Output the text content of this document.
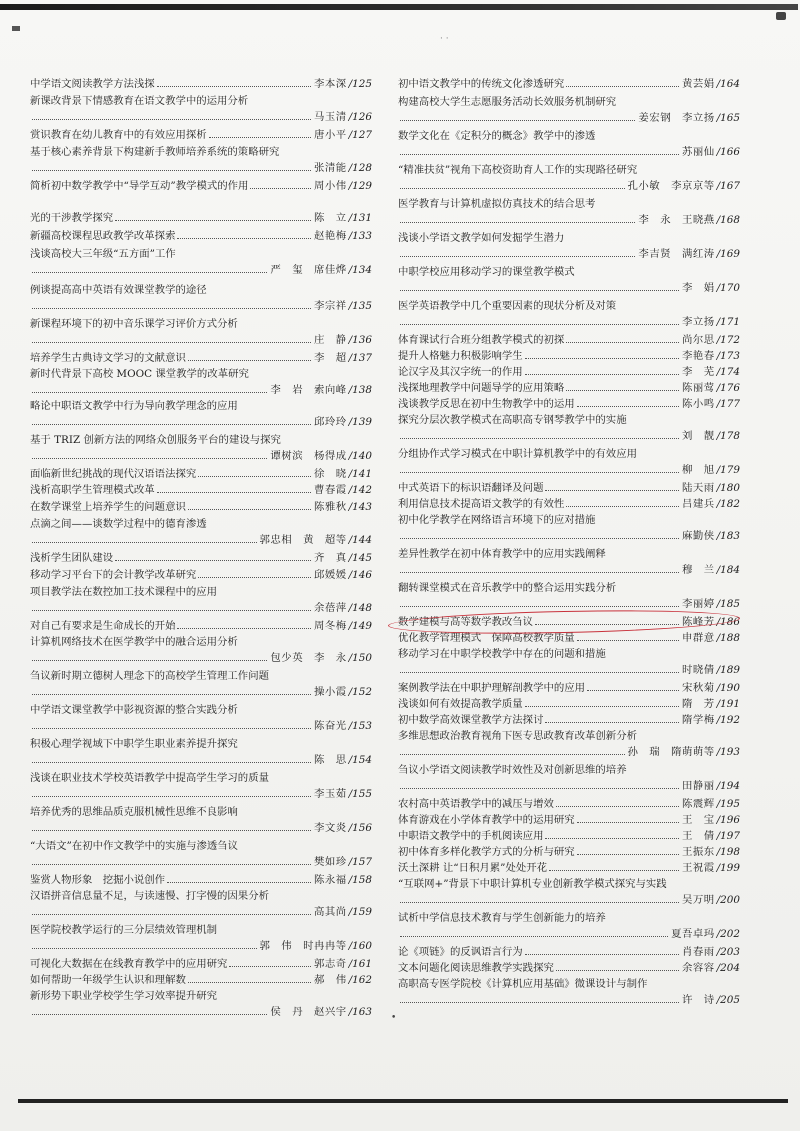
· ·
•
中学语文阅读教学方法浅探	李本深 /125
新课改背景下情感教育在语文教学中的运用分析
马玉清 /126
赏识教育在幼儿教育中的有效应用探析	唐小平 /127
基于核心素养背景下构建新手教师培养系统的策略研究
张清能 /128
简析初中数学教学中“导学互动”教学模式的作用	周小伟 /129
光的干涉教学探究	陈　立 /131
新疆高校课程思政教学改革探索	赵艳梅 /133
浅谈高校大三年级“五方面”工作
严　玺　席佳烨 /134
例谈提高高中英语有效课堂教学的途径
李宗祥 /135
新课程环境下的初中音乐课学习评价方式分析
庄　静 /136
培养学生古典诗文学习的文献意识	李　超 /137
新时代背景下高校 MOOC 课堂教学的改革研究
李　岩　索向峰 /138
略论中职语文教学中行为导向教学理念的应用
邱玲玲 /139
基于 TRIZ 创新方法的网络众创服务平台的建设与探究
谭树滨　杨得成 /140
面临新世纪挑战的现代汉语语法探究	徐　晓 /141
浅析高职学生管理模式改革	曹春霞 /142
在数学课堂上培养学生的问题意识	陈雅秋 /143
点滴之间——谈数学过程中的德育渗透
郭忠相　黄　超等 /144
浅析学生团队建设	齐　真 /145
移动学习平台下的会计教学改革研究	邱媛媛 /146
项目教学法在数控加工技术课程中的应用
余蓓萍 /148
对自己有要求是生命成长的开始	周冬梅 /149
计算机网络技术在医学教学中的融合运用分析
包少英　李　永 /150
刍议新时期立德树人理念下的高校学生管理工作问题
操小霞 /152
中学语文课堂教学中影视资源的整合实践分析
陈奋光 /153
积极心理学视域下中职学生职业素养提升探究
陈　思 /154
浅谈在职业技术学校英语教学中提高学生学习的质量
李玉茹 /155
培养优秀的思维品质克服机械性思维不良影响
李文炎 /156
“大语文”在初中作文教学中的实施与渗透刍议
樊如珍 /157
鉴赏人物形象　挖掘小说创作	陈永福 /158
汉语拼音信息量不足，与读速慢、打字慢的因果分析
高其尚 /159
医学院校教学运行的三分层绩效管理机制
郭　伟　时冉冉等 /160
可视化大数据在在线教育教学中的应用研究	郭志奇 /161
如何帮助一年级学生认识和理解数	郝　伟 /162
新形势下职业学校学生学习效率提升研究
侯　丹　赵兴宇 /163
初中语文教学中的传统文化渗透研究	黄芸娟 /164
构建高校大学生志愿服务活动长效服务机制研究
姜宏钢　李立扬 /165
数学文化在《定积分的概念》教学中的渗透
苏丽仙 /166
“精准扶贫”视角下高校资助育人工作的实现路径研究
孔小敏　李京京等 /167
医学教育与计算机虚拟仿真技术的结合思考
李　永　王晓燕 /168
浅谈小学语文教学如何发掘学生潜力
李吉贤　满红涛 /169
中职学校应用移动学习的课堂教学模式
李　娟 /170
医学英语教学中几个重要因素的现状分析及对策
李立扬 /171
体育课试行合班分组教学模式的初探	尚尔思 /172
提升人格魅力积极影响学生	李艳春 /173
论汉字及其汉字统一的作用	李　芜 /174
浅探地理教学中问题导学的应用策略	陈丽莺 /176
浅谈教学反思在初中生物教学中的运用	陈小鸣 /177
探究分层次教学模式在高职高专钢琴教学中的实施
刘　靓 /178
分组协作式学习模式在中职计算机教学中的有效应用
柳　旭 /179
中式英语下的标识语翻译及问题	陆天雨 /180
利用信息技术提高语文教学的有效性	吕建兵 /182
初中化学教学在网络语言环境下的应对措施
麻勤侠 /183
差异性教学在初中体育教学中的应用实践阐释
穆　兰 /184
翻转课堂模式在音乐教学中的整合运用实践分析
李丽婷 /185
数学建模与高等数学教改刍议	陈峰芳 /186
优化教学管理模式　保障高校教学质量	申群意 /188
移动学习在中职学校教学中存在的问题和措施
时晓倩 /189
案例教学法在中职护理解剖教学中的应用	宋秋菊 /190
浅谈如何有效提高教学质量	隋　芳 /191
初中数学高效课堂教学方法探讨	隋学梅 /192
多维思想政治教育视角下医专思政教育改革创新分析
孙　瑞　隋萌萌等 /193
刍议小学语文阅读教学时效性及对创新思维的培养
田静丽 /194
农村高中英语教学中的减压与增效	陈震辉 /195
体育游戏在小学体育教学中的运用研究	王　宝 /196
中职语文教学中的手机阅读应用	王　倩 /197
初中体育多样化教学方式的分析与研究	王振东 /198
沃土深耕 让“日积月累”处处开花	王祝霞 /199
“互联网+”背景下中职计算机专业创新教学模式探究与实践
吴万明 /200
试析中学信息技术教育与学生创新能力的培养
夏吾卓玛 /202
论《项链》的反讽语言行为	肖春雨 /203
文本问题化阅读思维教学实践探究	余容容 /204
高职高专医学院校《计算机应用基础》微课设计与制作
许　诗 /205
